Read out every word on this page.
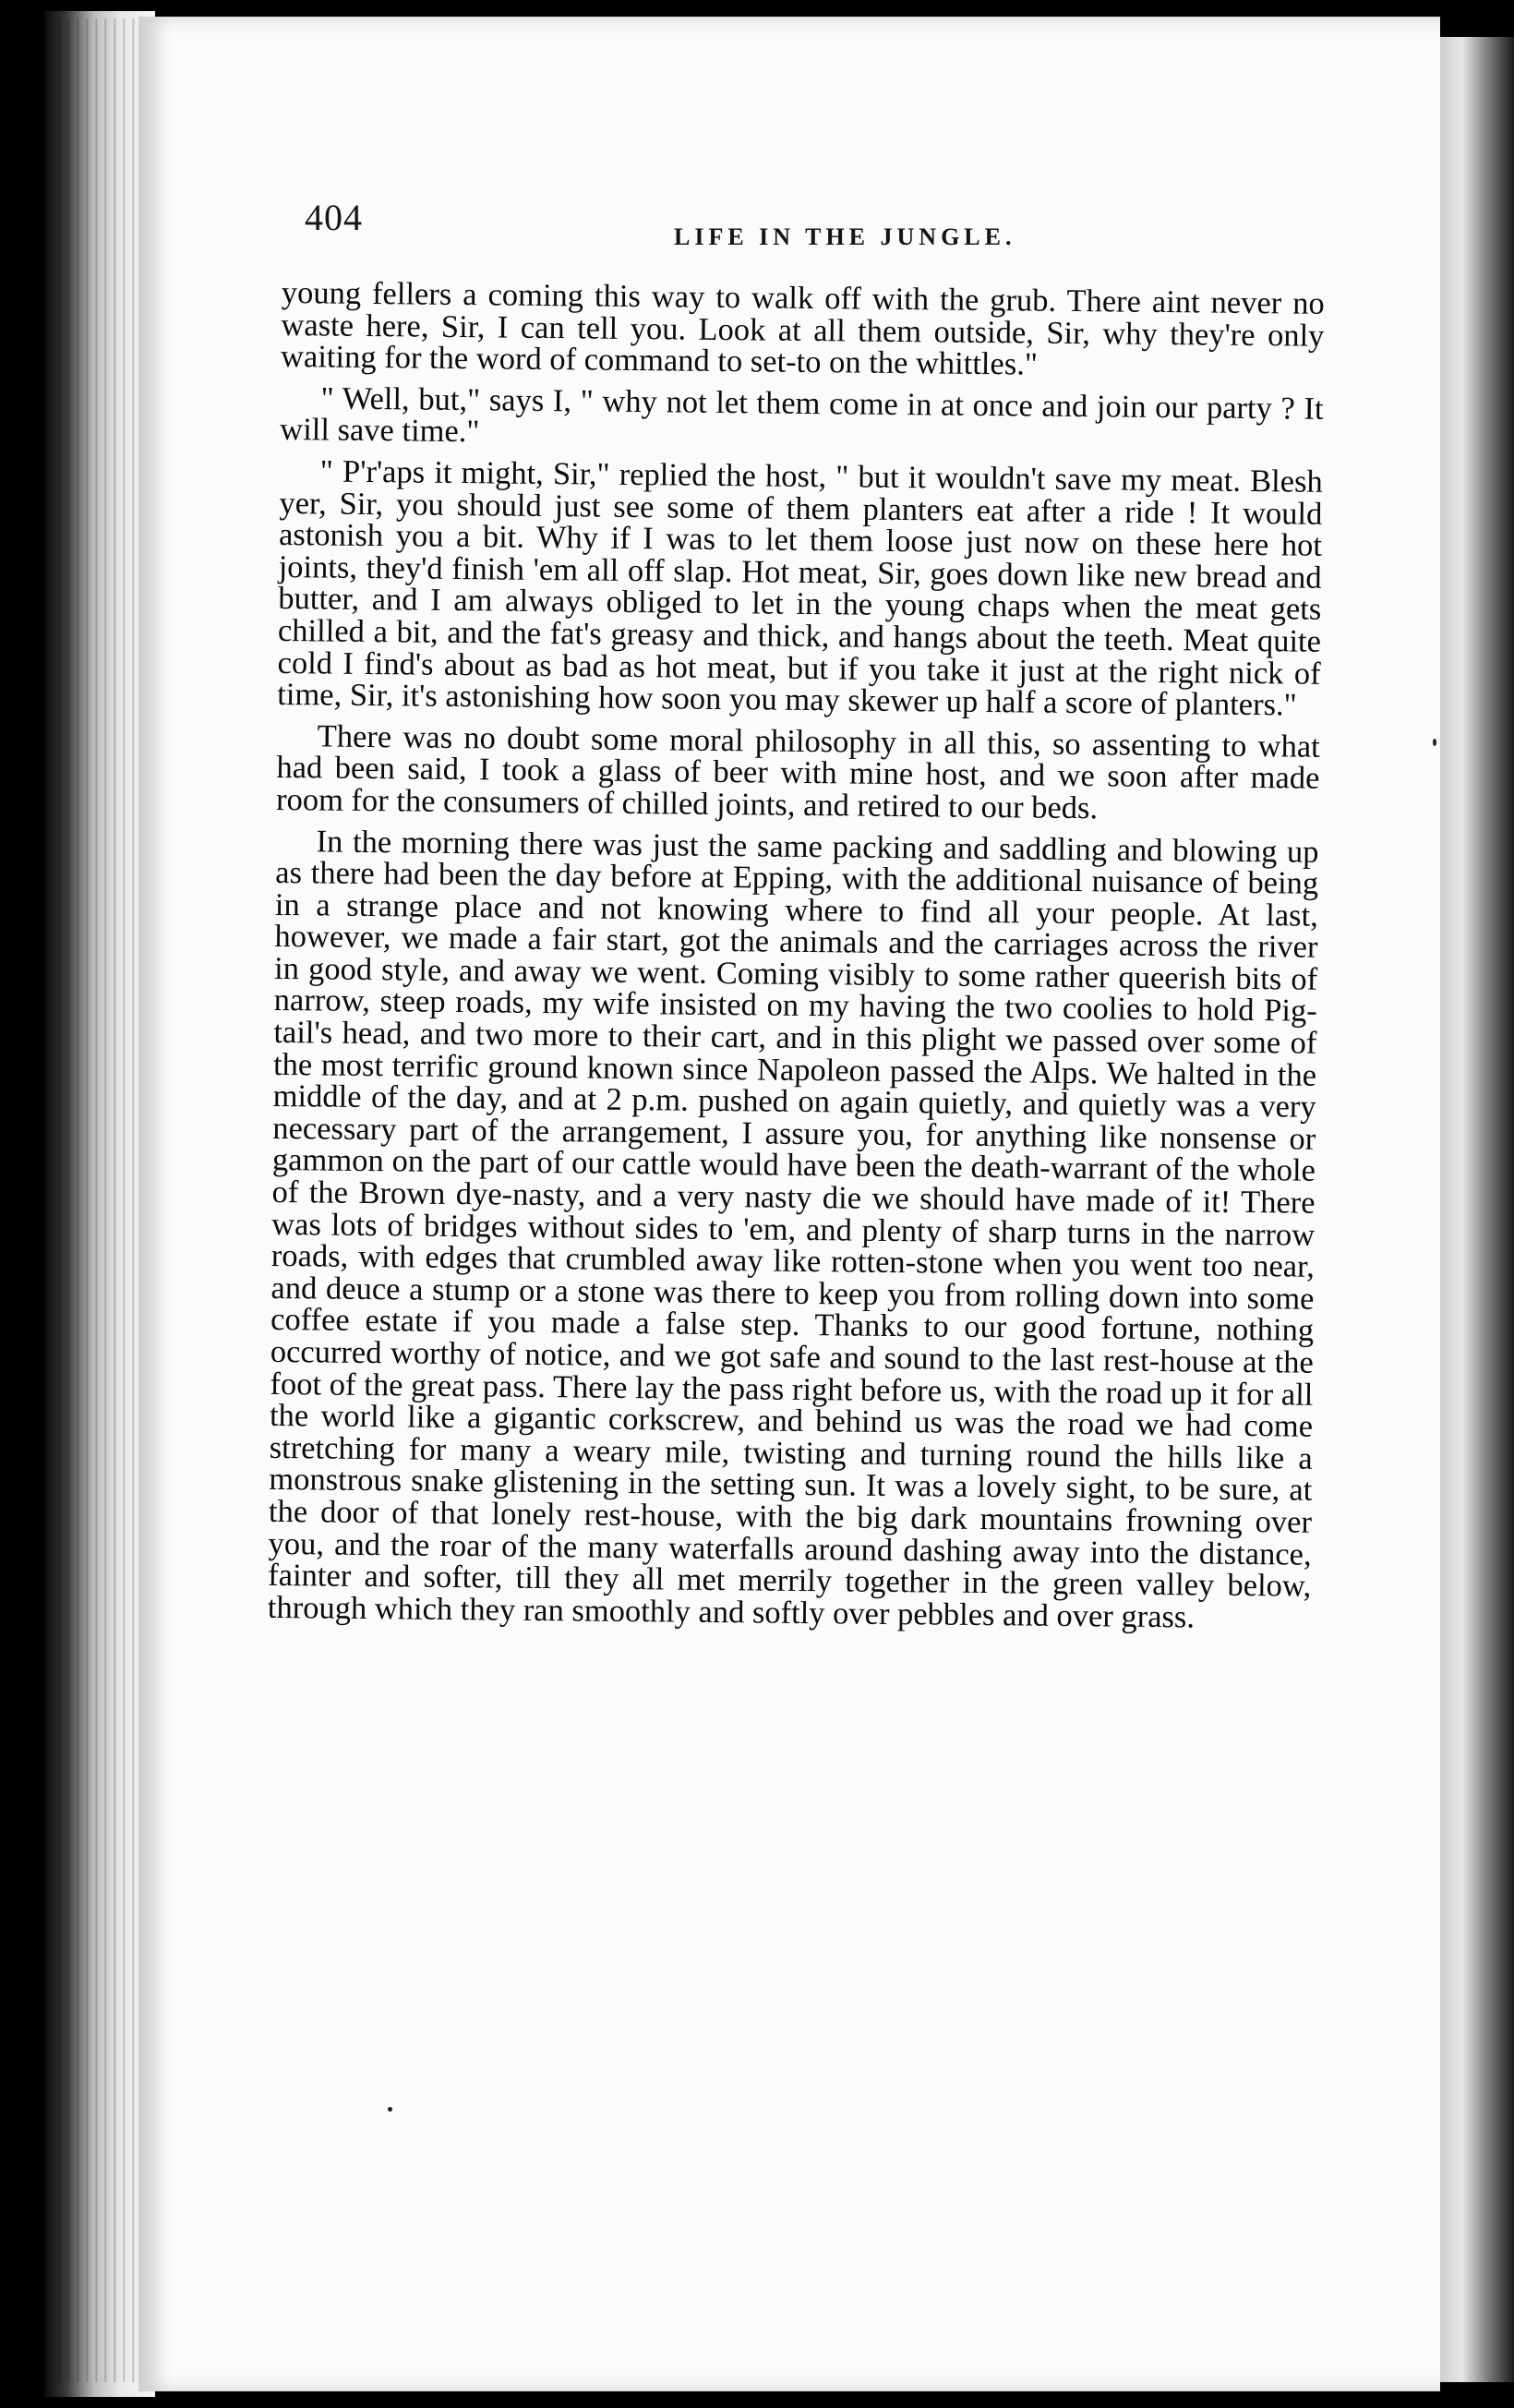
404	LIFE IN THE JUNGLE.

young fellers a coming this way to walk off with the grub. There aint never no waste here, Sir, I can tell you. Look at all them outside, Sir, why they're only waiting for the word of command to set-to on the whittles."

" Well, but," says I, " why not let them come in at once and join our party ? It will save time."

" P'r'aps it might, Sir," replied the host, " but it wouldn't save my meat. Blesh yer, Sir, you should just see some of them planters eat after a ride ! It would astonish you a bit. Why if I was to let them loose just now on these here hot joints, they'd finish 'em all off slap. Hot meat, Sir, goes down like new bread and butter, and I am always obliged to let in the young chaps when the meat gets chilled a bit, and the fat's greasy and thick, and hangs about the teeth. Meat quite cold I find's about as bad as hot meat, but if you take it just at the right nick of time, Sir, it's astonishing how soon you may skewer up half a score of planters."

There was no doubt some moral philosophy in all this, so assenting to what had been said, I took a glass of beer with mine host, and we soon after made room for the consumers of chilled joints, and retired to our beds.

In the morning there was just the same packing and saddling and blowing up as there had been the day before at Epping, with the additional nuisance of being in a strange place and not knowing where to find all your people. At last, however, we made a fair start, got the animals and the carriages across the river in good style, and away we went. Coming visibly to some rather queerish bits of narrow, steep roads, my wife insisted on my having the two coolies to hold Pig-tail's head, and two more to their cart, and in this plight we passed over some of the most terrific ground known since Napoleon passed the Alps. We halted in the middle of the day, and at 2 p.m. pushed on again quietly, and quietly was a very necessary part of the arrangement, I assure you, for anything like nonsense or gammon on the part of our cattle would have been the death-warrant of the whole of the Brown dye-nasty, and a very nasty die we should have made of it! There was lots of bridges without sides to 'em, and plenty of sharp turns in the narrow roads, with edges that crumbled away like rotten-stone when you went too near, and deuce a stump or a stone was there to keep you from rolling down into some coffee estate if you made a false step. Thanks to our good fortune, nothing occurred worthy of notice, and we got safe and sound to the last rest-house at the foot of the great pass. There lay the pass right before us, with the road up it for all the world like a gigantic corkscrew, and behind us was the road we had come stretching for many a weary mile, twisting and turning round the hills like a monstrous snake glistening in the setting sun. It was a lovely sight, to be sure, at the door of that lonely rest-house, with the big dark mountains frowning over you, and the roar of the many waterfalls around dashing away into the distance, fainter and softer, till they all met merrily together in the green valley below, through which they ran smoothly and softly over pebbles and over grass.
